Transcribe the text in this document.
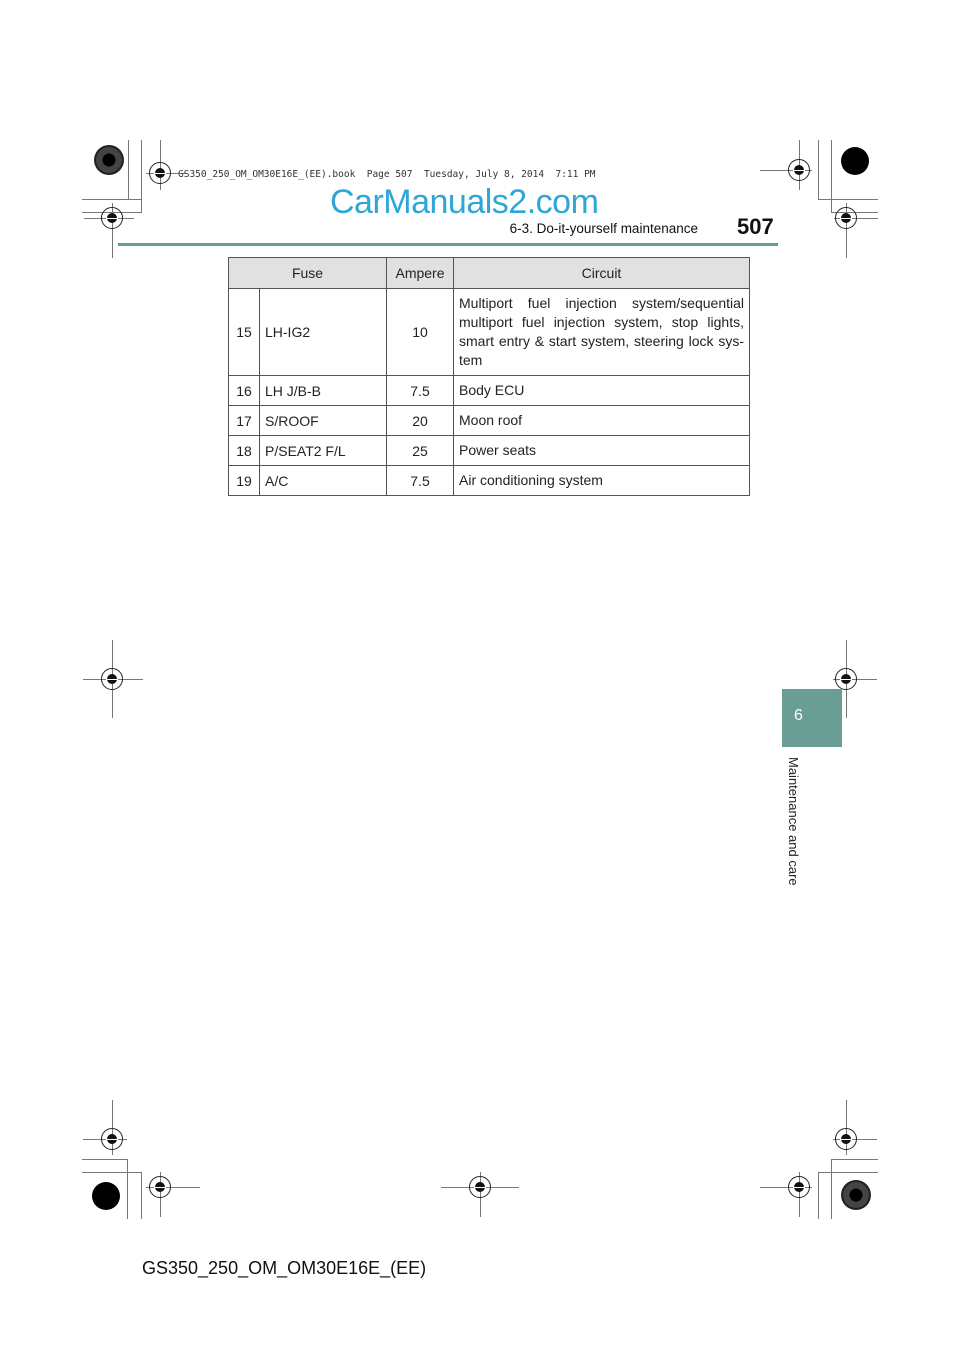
GS350_250_OM_OM30E16E_(EE).book  Page 507  Tuesday, July 8, 2014  7:11 PM
CarManuals2.com
6-3. Do-it-yourself maintenance 507
Fuse		Ampere	Circuit
15	LH-IG2	10	Multiport fuel injection system/sequential multiport fuel injection system, stop lights, smart entry & start system, steering lock sys-tem
16	LH J/B-B	7.5	Body ECU
17	S/ROOF	20	Moon roof
18	P/SEAT2 F/L	25	Power seats
19	A/C	7.5	Air conditioning system
6
Maintenance and care
GS350_250_OM_OM30E16E_(EE)
